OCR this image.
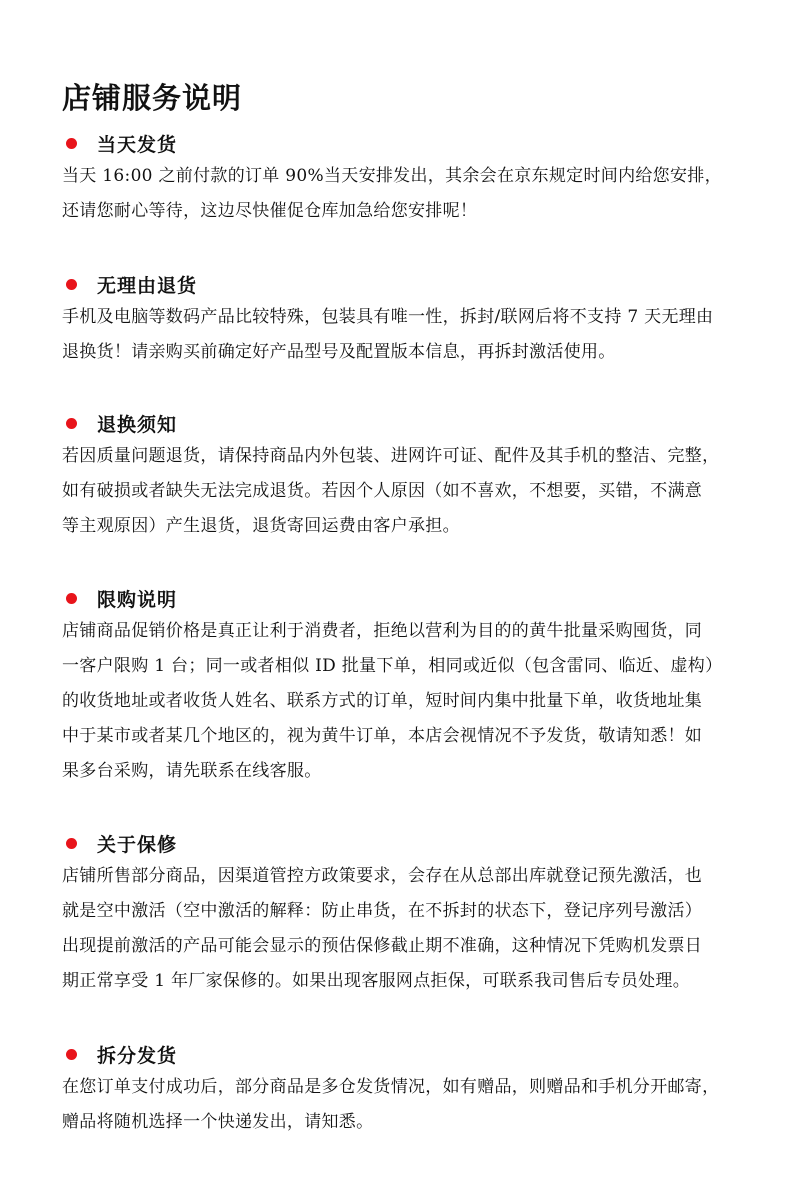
店铺服务说明
当天发货

当天 16:00 之前付款的订单 90%当天安排发出，其余会在京东规定时间内给您安排，
还请您耐心等待，这边尽快催促仓库加急给您安排呢！

无理由退货

手机及电脑等数码产品比较特殊，包装具有唯一性，拆封/联网后将不支持 7 天无理由
退换货！请亲购买前确定好产品型号及配置版本信息，再拆封激活使用。

退换须知

若因质量问题退货，请保持商品内外包装、进网许可证、配件及其手机的整洁、完整，
如有破损或者缺失无法完成退货。若因个人原因（如不喜欢，不想要，买错，不满意
等主观原因）产生退货，退货寄回运费由客户承担。

限购说明

店铺商品促销价格是真正让利于消费者，拒绝以营利为目的的黄牛批量采购囤货，同
一客户限购 1 台；同一或者相似 ID 批量下单，相同或近似（包含雷同、临近、虚构）
的收货地址或者收货人姓名、联系方式的订单，短时间内集中批量下单，收货地址集
中于某市或者某几个地区的，视为黄牛订单，本店会视情况不予发货，敬请知悉！如
果多台采购，请先联系在线客服。

关于保修

店铺所售部分商品，因渠道管控方政策要求，会存在从总部出库就登记预先激活，也
就是空中激活（空中激活的解释：防止串货，在不拆封的状态下，登记序列号激活）
出现提前激活的产品可能会显示的预估保修截止期不准确，这种情况下凭购机发票日
期正常享受 1 年厂家保修的。如果出现客服网点拒保，可联系我司售后专员处理。

拆分发货

在您订单支付成功后，部分商品是多仓发货情况，如有赠品，则赠品和手机分开邮寄，
赠品将随机选择一个快递发出，请知悉。
